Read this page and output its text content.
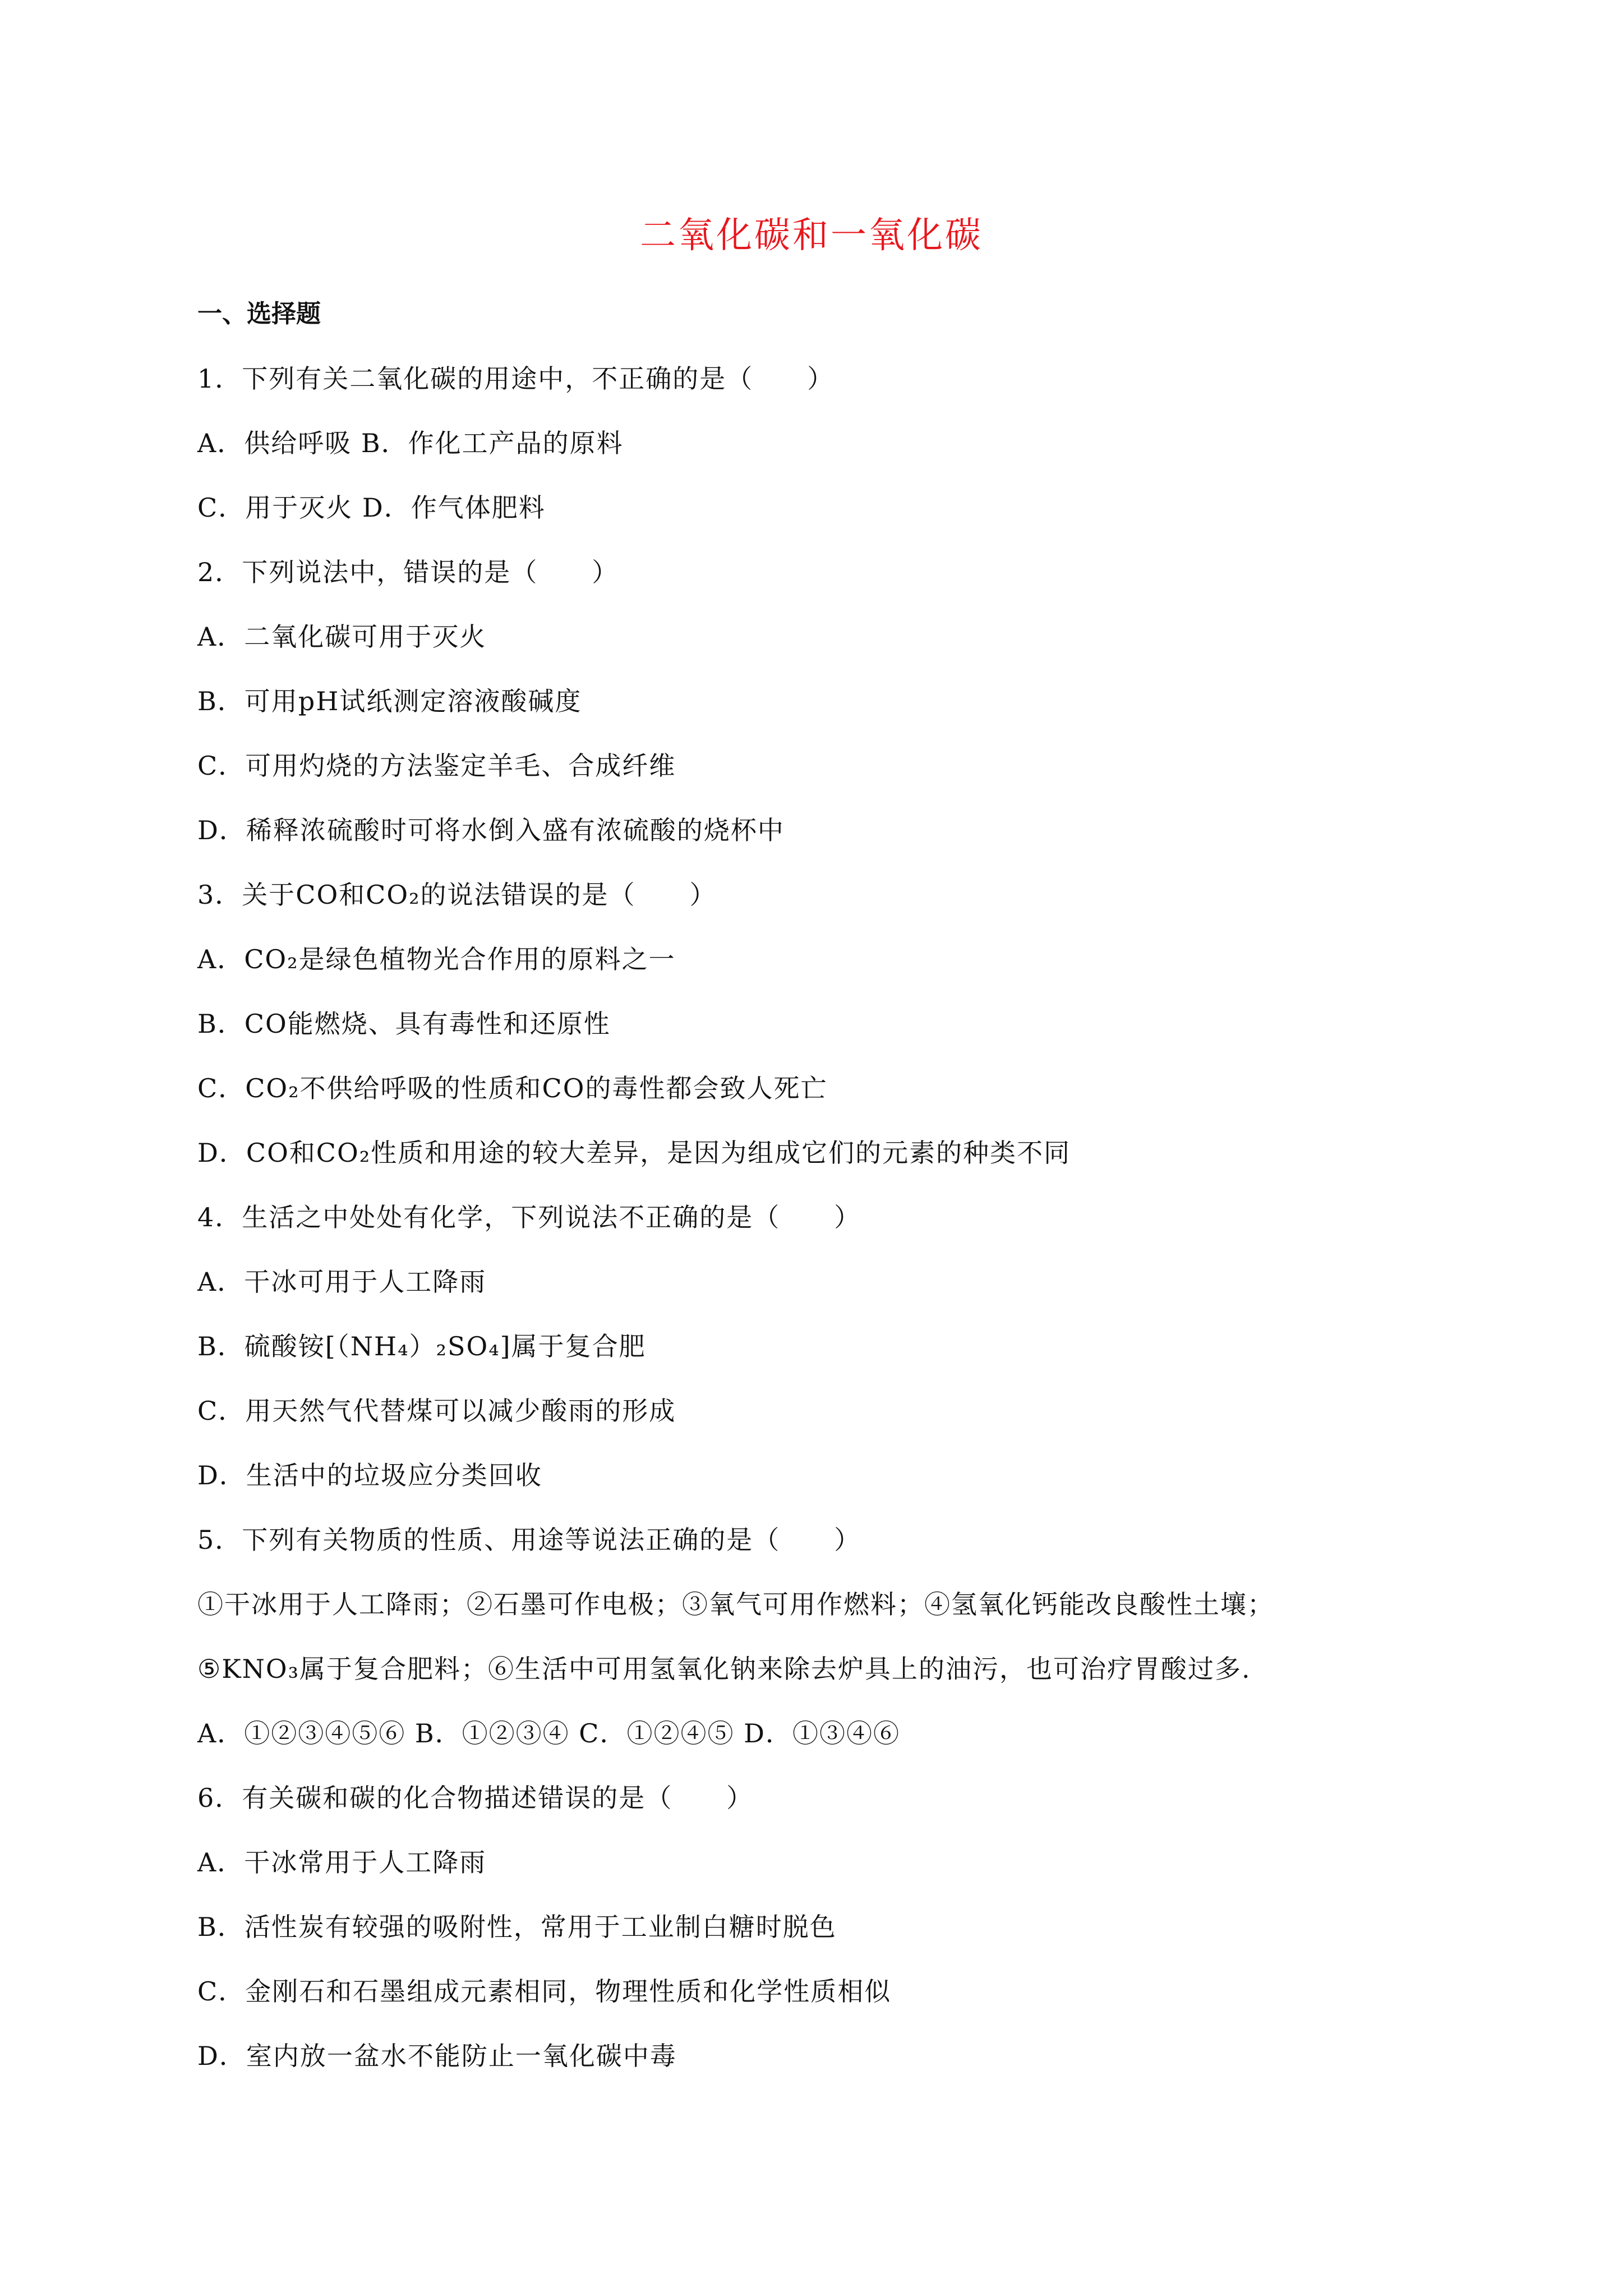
二氧化碳和一氧化碳
一、选择题
1．下列有关二氧化碳的用途中，不正确的是（　　）
A．供给呼吸 B．作化工产品的原料
C．用于灭火 D．作气体肥料
2．下列说法中，错误的是（　　）
A．二氧化碳可用于灭火
B．可用pH试纸测定溶液酸碱度
C．可用灼烧的方法鉴定羊毛、合成纤维
D．稀释浓硫酸时可将水倒入盛有浓硫酸的烧杯中
3．关于CO和CO₂的说法错误的是（　　）
A．CO₂是绿色植物光合作用的原料之一
B．CO能燃烧、具有毒性和还原性
C．CO₂不供给呼吸的性质和CO的毒性都会致人死亡
D．CO和CO₂性质和用途的较大差异，是因为组成它们的元素的种类不同
4．生活之中处处有化学，下列说法不正确的是（　　）
A．干冰可用于人工降雨
B．硫酸铵[（NH₄）₂SO₄]属于复合肥
C．用天然气代替煤可以减少酸雨的形成
D．生活中的垃圾应分类回收
5．下列有关物质的性质、用途等说法正确的是（　　）
①干冰用于人工降雨；②石墨可作电极；③氧气可用作燃料；④氢氧化钙能改良酸性土壤；
⑤KNO₃属于复合肥料；⑥生活中可用氢氧化钠来除去炉具上的油污，也可治疗胃酸过多.
A．①②③④⑤⑥ B．①②③④ C．①②④⑤ D．①③④⑥
6．有关碳和碳的化合物描述错误的是（　　）
A．干冰常用于人工降雨
B．活性炭有较强的吸附性，常用于工业制白糖时脱色
C．金刚石和石墨组成元素相同，物理性质和化学性质相似
D．室内放一盆水不能防止一氧化碳中毒
